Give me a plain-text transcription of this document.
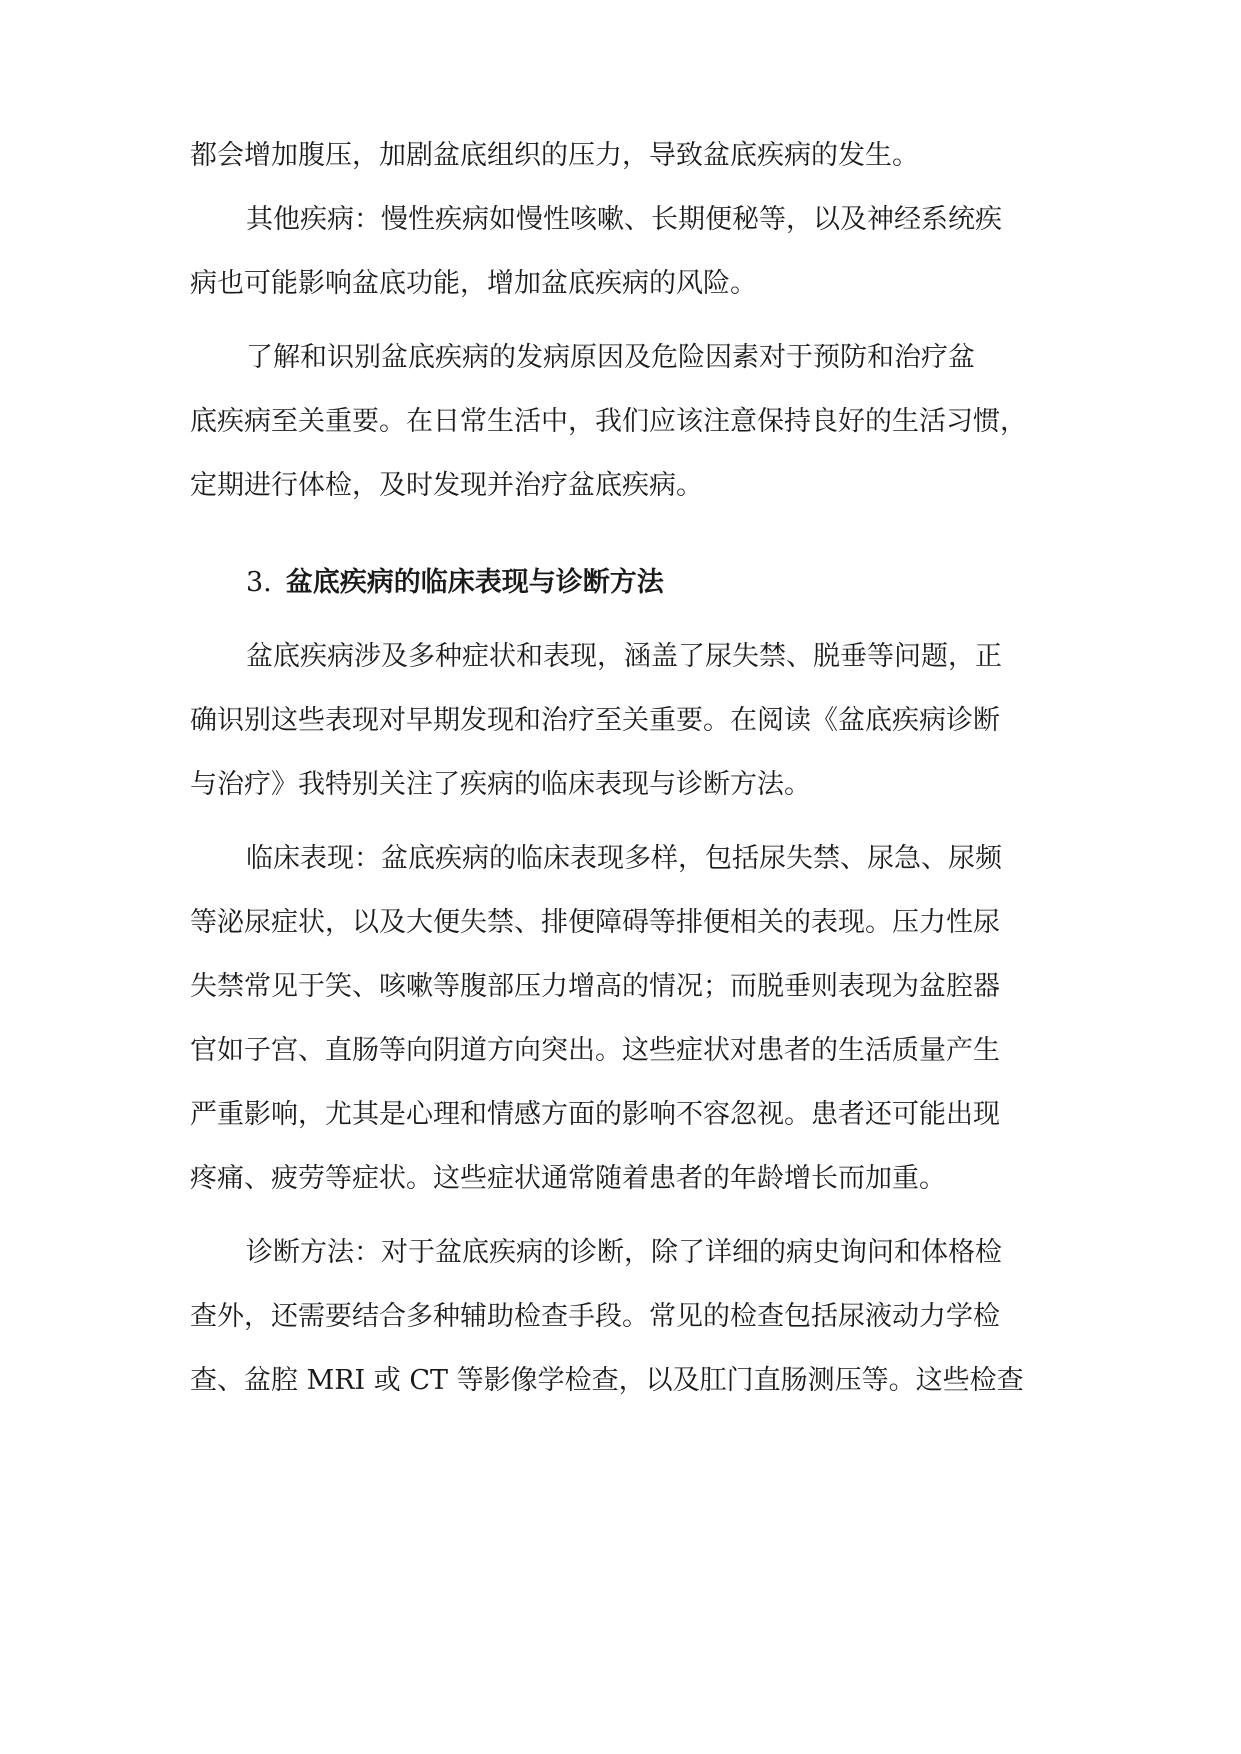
都会增加腹压，加剧盆底组织的压力，导致盆底疾病的发生。
其他疾病：慢性疾病如慢性咳嗽、长期便秘等，以及神经系统疾
病也可能影响盆底功能，增加盆底疾病的风险。
了解和识别盆底疾病的发病原因及危险因素对于预防和治疗盆
底疾病至关重要。在日常生活中，我们应该注意保持良好的生活习惯，
定期进行体检，及时发现并治疗盆底疾病。
3. 盆底疾病的临床表现与诊断方法
盆底疾病涉及多种症状和表现，涵盖了尿失禁、脱垂等问题，正
确识别这些表现对早期发现和治疗至关重要。在阅读《盆底疾病诊断
与治疗》我特别关注了疾病的临床表现与诊断方法。
临床表现：盆底疾病的临床表现多样，包括尿失禁、尿急、尿频
等泌尿症状，以及大便失禁、排便障碍等排便相关的表现。压力性尿
失禁常见于笑、咳嗽等腹部压力增高的情况；而脱垂则表现为盆腔器
官如子宫、直肠等向阴道方向突出。这些症状对患者的生活质量产生
严重影响，尤其是心理和情感方面的影响不容忽视。患者还可能出现
疼痛、疲劳等症状。这些症状通常随着患者的年龄增长而加重。
诊断方法：对于盆底疾病的诊断，除了详细的病史询问和体格检
查外，还需要结合多种辅助检查手段。常见的检查包括尿液动力学检
查、盆腔 MRI 或 CT 等影像学检查，以及肛门直肠测压等。这些检查
